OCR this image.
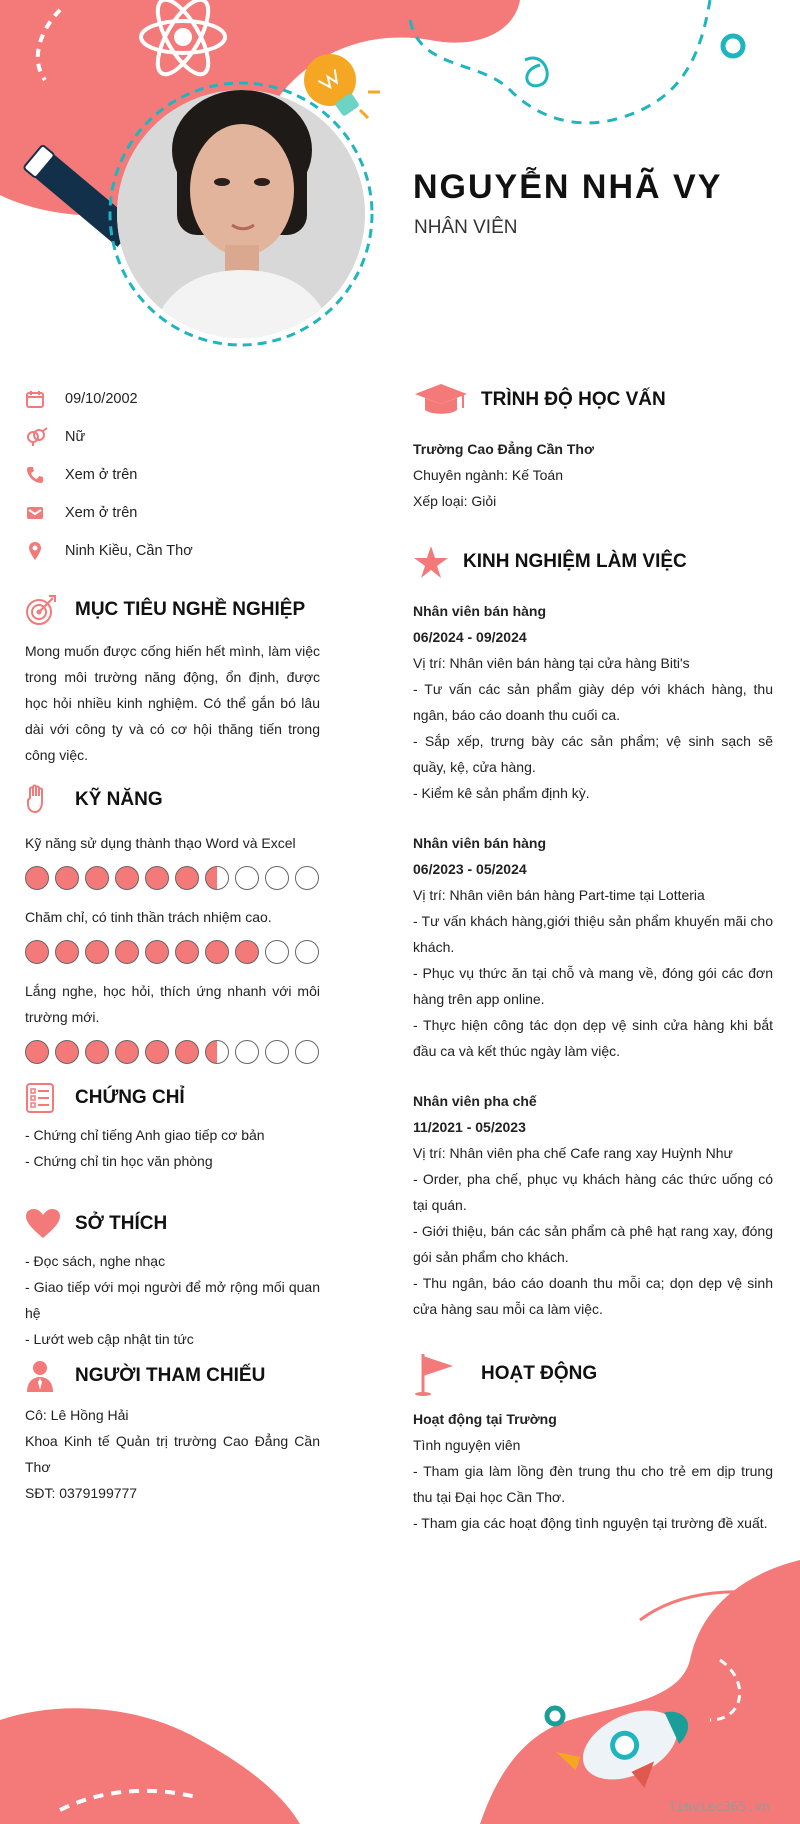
NGUYỄN NHÃ VY
NHÂN VIÊN
09/10/2002
Nữ
Xem ở trên
Xem ở trên
Ninh Kiều, Cần Thơ
MỤC TIÊU NGHỀ NGHIỆP
Mong muốn được cống hiến hết mình, làm việc trong môi trường năng động, ổn định, được học hỏi nhiều kinh nghiệm. Có thể gắn bó lâu dài với công ty và có cơ hội thăng tiến trong công việc.
KỸ NĂNG
Kỹ năng sử dụng thành thạo Word và Excel
Chăm chỉ, có tinh thần trách nhiệm cao.
Lắng nghe, học hỏi, thích ứng nhanh với môi trường mới.
CHỨNG CHỈ
- Chứng chỉ tiếng Anh giao tiếp cơ bản
- Chứng chỉ tin học văn phòng
SỞ THÍCH
- Đọc sách, nghe nhạc
- Giao tiếp với mọi người để mở rộng mối quan hệ
- Lướt web cập nhật tin tức
NGƯỜI THAM CHIẾU
Cô: Lê Hồng Hải
Khoa Kinh tế Quản trị trường Cao Đẳng Cần Thơ
SĐT: 0379199777
TRÌNH ĐỘ HỌC VẤN
Trường Cao Đẳng Cần Thơ
Chuyên ngành: Kế Toán
Xếp loại: Giỏi
KINH NGHIỆM LÀM VIỆC
Nhân viên bán hàng
06/2024 - 09/2024
Vị trí: Nhân viên bán hàng tại cửa hàng Biti's
- Tư vấn các sản phẩm giày dép với khách hàng, thu ngân, báo cáo doanh thu cuối ca.
- Sắp xếp, trưng bày các sản phẩm; vệ sinh sạch sẽ quầy, kệ, cửa hàng.
- Kiểm kê sản phẩm định kỳ.
Nhân viên bán hàng
06/2023 - 05/2024
Vị trí: Nhân viên bán hàng Part-time tại Lotteria
- Tư vấn khách hàng,giới thiệu sản phẩm khuyến mãi cho khách.
- Phục vụ thức ăn tại chỗ và mang về, đóng gói các đơn hàng trên app online.
- Thực hiện công tác dọn dẹp vệ sinh cửa hàng khi bắt đầu ca và kết thúc ngày làm việc.
Nhân viên pha chế
11/2021 - 05/2023
Vị trí: Nhân viên pha chế Cafe rang xay Huỳnh Như
- Order, pha chế, phục vụ khách hàng các thức uống có tại quán.
- Giới thiệu, bán các sản phẩm cà phê hạt rang xay, đóng gói sản phẩm cho khách.
- Thu ngân, báo cáo doanh thu mỗi ca; dọn dẹp vệ sinh cửa hàng sau mỗi ca làm việc.
HOẠT ĐỘNG
Hoạt động tại Trường
Tình nguyện viên
- Tham gia làm lồng đèn trung thu cho trẻ em dịp trung thu tại Đại học Cần Thơ.
- Tham gia các hoạt động tình nguyện tại trường đề xuất.
Timviec365.vn
